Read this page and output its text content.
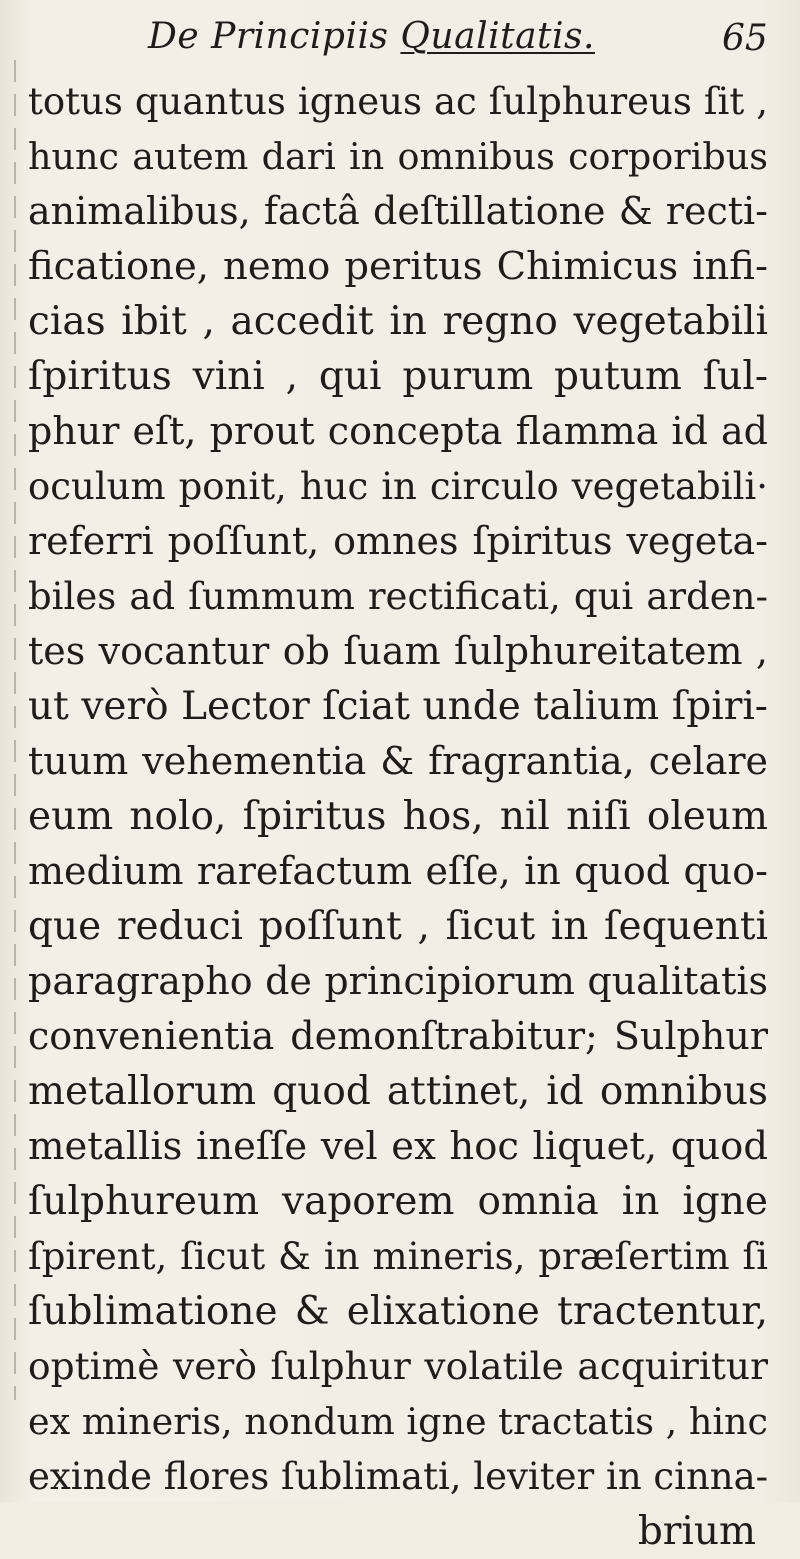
De Principiis Qualitatis.	65
totus quantus igneus ac ſulphureus ſit ,
hunc autem dari in omnibus corporibus
animalibus, factâ deſtillatione & recti-
ficatione, nemo peritus Chimicus infi-
cias ibit , accedit in regno vegetabili
ſpiritus vini , qui purum putum ſul-
phur eſt, prout concepta flamma id ad
oculum ponit, huc in circulo vegetabili·
referri poſſunt, omnes ſpiritus vegeta-
biles ad ſummum rectificati, qui arden-
tes vocantur ob ſuam ſulphureitatem ,
ut verò Lector ſciat unde talium ſpiri-
tuum vehementia & fragrantia, celare
eum nolo, ſpiritus hos, nil niſi oleum
medium rarefactum eſſe, in quod quo-
que reduci poſſunt , ſicut in ſequenti
paragrapho de principiorum qualitatis
convenientia demonſtrabitur; Sulphur
metallorum quod attinet, id omnibus
metallis ineſſe vel ex hoc liquet, quod
ſulphureum vaporem omnia in igne
ſpirent, ſicut & in mineris, præſertim ſi
ſublimatione & elixatione tractentur,
optimè verò ſulphur volatile acquiritur
ex mineris, nondum igne tractatis , hinc
exinde flores ſublimati, leviter in cinna-
brium
